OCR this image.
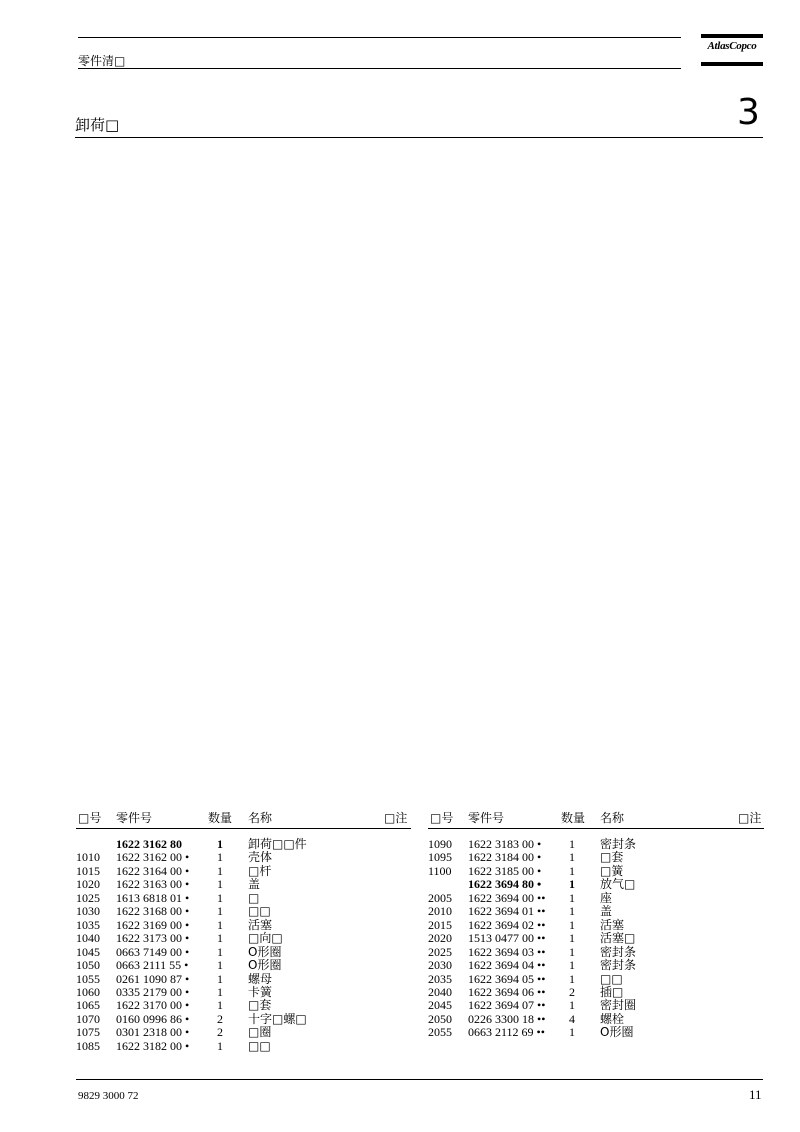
零件清□
AtlasCopco
卸荷□	3
□号 零件号	数量 名称	□注
1622 3162 80	1	卸荷□□件
1010 1622 3162 00 •	1	壳体
1015 1622 3164 00 •	1	□杆
1020 1622 3163 00 •	1	盖
1025 1613 6818 01 •	1	□
1030 1622 3168 00 •	1	□□
1035 1622 3169 00 •	1	活塞
1040 1622 3173 00 •	1	□向□
1045 0663 7149 00 •	1	O形圈
1050 0663 2111 55 •	1	O形圈
1055 0261 1090 87 •	1	螺母
1060 0335 2179 00 •	1	卡簧
1065 1622 3170 00 •	1	□套
1070 0160 0996 86 •	2	十字□螺□
1075 0301 2318 00 •	2	□圈
1085 1622 3182 00 •	1	□□
□号 零件号	数量 名称	□注
1090 1622 3183 00 •	1	密封条
1095 1622 3184 00 •	1	□套
1100 1622 3185 00 •	1	□簧
1622 3694 80 •	1	放气□
2005 1622 3694 00 ••	1	座
2010 1622 3694 01 ••	1	盖
2015 1622 3694 02 ••	1	活塞
2020 1513 0477 00 ••	1	活塞□
2025 1622 3694 03 ••	1	密封条
2030 1622 3694 04 ••	1	密封条
2035 1622 3694 05 ••	1	□□
2040 1622 3694 06 ••	2	插□
2045 1622 3694 07 ••	1	密封圈
2050 0226 3300 18 ••	4	螺栓
2055 0663 2112 69 ••	1	O形圈
9829 3000 72	11
